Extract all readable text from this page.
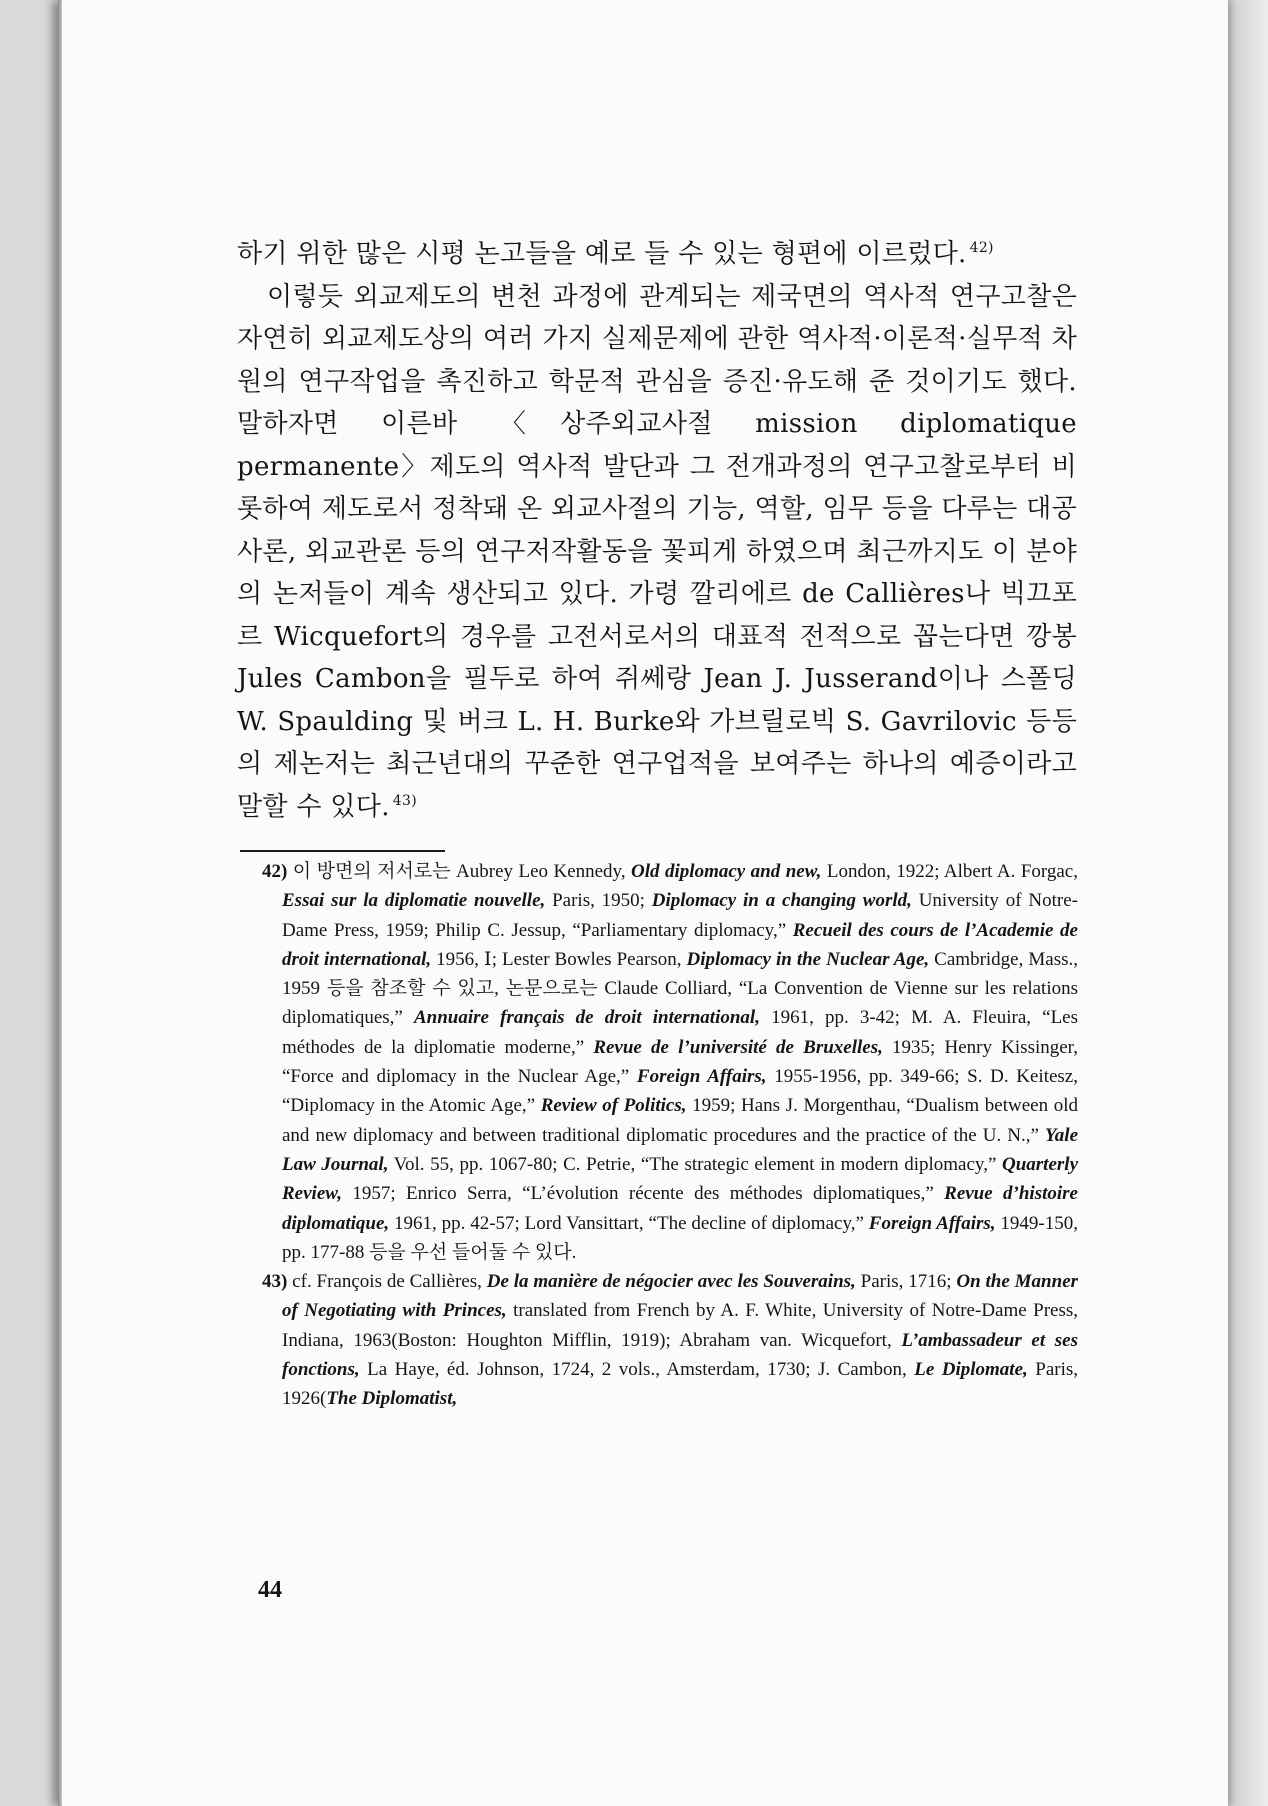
하기 위한 많은 시평 논고들을 예로 들 수 있는 형편에 이르렀다. $^{42)}$

이렇듯 외교제도의 변천 과정에 관계되는 제국면의 역사적 연구고찰은 자연히 외교제도상의 여러 가지 실제문제에 관한 역사적·이론적·실무적 차원의 연구작업을 촉진하고 학문적 관심을 증진·유도해 준 것이기도 했다. 말하자면 이른바 〈상주외교사절 mission diplomatique permanente〉제도의 역사적 발단과 그 전개과정의 연구고찰로부터 비롯하여 제도로서 정착돼 온 외교사절의 기능, 역할, 임무 등을 다루는 대공사론, 외교관론 등의 연구저작활동을 꽃피게 하였으며 최근까지도 이 분야의 논저들이 계속 생산되고 있다. 가령 깔리에르 de Callières나 빅끄포르 Wicquefort의 경우를 고전서로서의 대표적 전적으로 꼽는다면 깡봉 Jules Cambon을 필두로 하여 쥐쎄랑 Jean J. Jusserand이나 스폴딩 W. Spaulding 및 버크 L. H. Burke와 가브릴로빅 S. Gavrilovic 등등의 제논저는 최근년대의 꾸준한 연구업적을 보여주는 하나의 예증이라고 말할 수 있다. $^{43)}$

42) 이 방면의 저서로는 Aubrey Leo Kennedy, Old diplomacy and new, London, 1922; Albert A. Forgac, Essai sur la diplomatie nouvelle, Paris, 1950; Diplomacy in a changing world, University of Notre-Dame Press, 1959; Philip C. Jessup, “Parliamentary diplomacy,” Recueil des cours de l’Academie de droit international, 1956, Ⅰ; Lester Bowles Pearson, Diplomacy in the Nuclear Age, Cambridge, Mass., 1959 등을 참조할 수 있고, 논문으로는 Claude Colliard, “La Convention de Vienne sur les relations diplomatiques,” Annuaire français de droit international, 1961, pp. 3-42; M. A. Fleuira, “Les méthodes de la diplomatie moderne,” Revue de l’université de Bruxelles, 1935; Henry Kissinger, “Force and diplomacy in the Nuclear Age,” Foreign Affairs, 1955-1956, pp. 349-66; S. D. Keitesz, “Diplomacy in the Atomic Age,” Review of Politics, 1959; Hans J. Morgenthau, “Dualism between old and new diplomacy and between traditional diplomatic procedures and the practice of the U. N.,” Yale Law Journal, Vol. 55, pp. 1067-80; C. Petrie, “The strategic element in modern diplomacy,” Quarterly Review, 1957; Enrico Serra, “L’évolution récente des méthodes diplomatiques,” Revue d’histoire diplomatique, 1961, pp. 42-57; Lord Vansittart, “The decline of diplomacy,” Foreign Affairs, 1949-150, pp. 177-88 등을 우선 들어둘 수 있다.

43) cf. François de Callières, De la manière de négocier avec les Souverains, Paris, 1716; On the Manner of Negotiating with Princes, translated from French by A. F. White, University of Notre-Dame Press, Indiana, 1963(Boston: Houghton Mifflin, 1919); Abraham van. Wicquefort, L’ambassadeur et ses fonctions, La Haye, éd. Johnson, 1724, 2 vols., Amsterdam, 1730; J. Cambon, Le Diplomate, Paris, 1926(The Diplomatist,

44
